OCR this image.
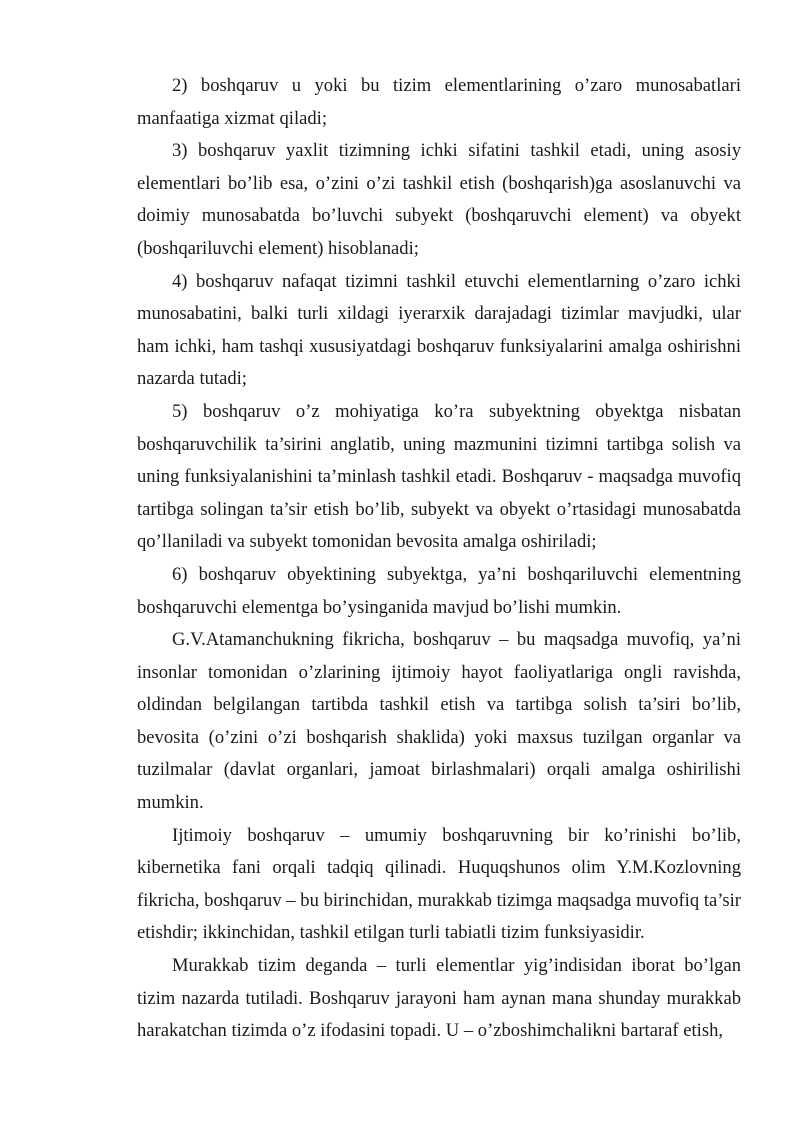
2) boshqaruv u yoki bu tizim elementlarining o’zaro munosabatlari manfaatiga xizmat qiladi;

3) boshqaruv yaxlit tizimning ichki sifatini tashkil etadi, uning asosiy elementlari bo’lib esa, o’zini o’zi tashkil etish (boshqarish)ga asoslanuvchi va doimiy munosabatda bo’luvchi subyekt (boshqaruvchi element) va obyekt (boshqariluvchi element) hisoblanadi;

4) boshqaruv nafaqat tizimni tashkil etuvchi elementlarning o’zaro ichki munosabatini, balki turli xildagi iyerarxik darajadagi tizimlar mavjudki, ular ham ichki, ham tashqi xususiyatdagi boshqaruv funksiyalarini amalga oshirishni nazarda tutadi;

5) boshqaruv o’z mohiyatiga ko’ra subyektning obyektga nisbatan boshqaruvchilik ta’sirini anglatib, uning mazmunini tizimni tartibga solish va uning funksiyalanishini ta’minlash tashkil etadi. Boshqaruv - maqsadga muvofiq tartibga solingan ta’sir etish bo’lib, subyekt va obyekt o’rtasidagi munosabatda qo’llaniladi va subyekt tomonidan bevosita amalga oshiriladi;

6) boshqaruv obyektining subyektga, ya’ni boshqariluvchi elementning boshqaruvchi elementga bo’ysinganida mavjud bo’lishi mumkin.

G.V.Atamanchukning fikricha, boshqaruv – bu maqsadga muvofiq, ya’ni insonlar tomonidan o’zlarining ijtimoiy hayot faoliyatlariga ongli ravishda, oldindan belgilangan tartibda tashkil etish va tartibga solish ta’siri bo’lib, bevosita (o’zini o’zi boshqarish shaklida) yoki maxsus tuzilgan organlar va tuzilmalar (davlat organlari, jamoat birlashmalari) orqali amalga oshirilishi mumkin.

Ijtimoiy boshqaruv – umumiy boshqaruvning bir ko’rinishi bo’lib, kibernetika fani orqali tadqiq qilinadi. Huquqshunos olim Y.M.Kozlovning fikricha, boshqaruv – bu birinchidan, murakkab tizimga maqsadga muvofiq ta’sir etishdir; ikkinchidan, tashkil etilgan turli tabiatli tizim funksiyasidir.

Murakkab tizim deganda – turli elementlar yig’indisidan iborat bo’lgan tizim nazarda tutiladi. Boshqaruv jarayoni ham aynan mana shunday murakkab harakatchan tizimda o’z ifodasini topadi. U – o’zboshimchalikni bartaraf etish,
